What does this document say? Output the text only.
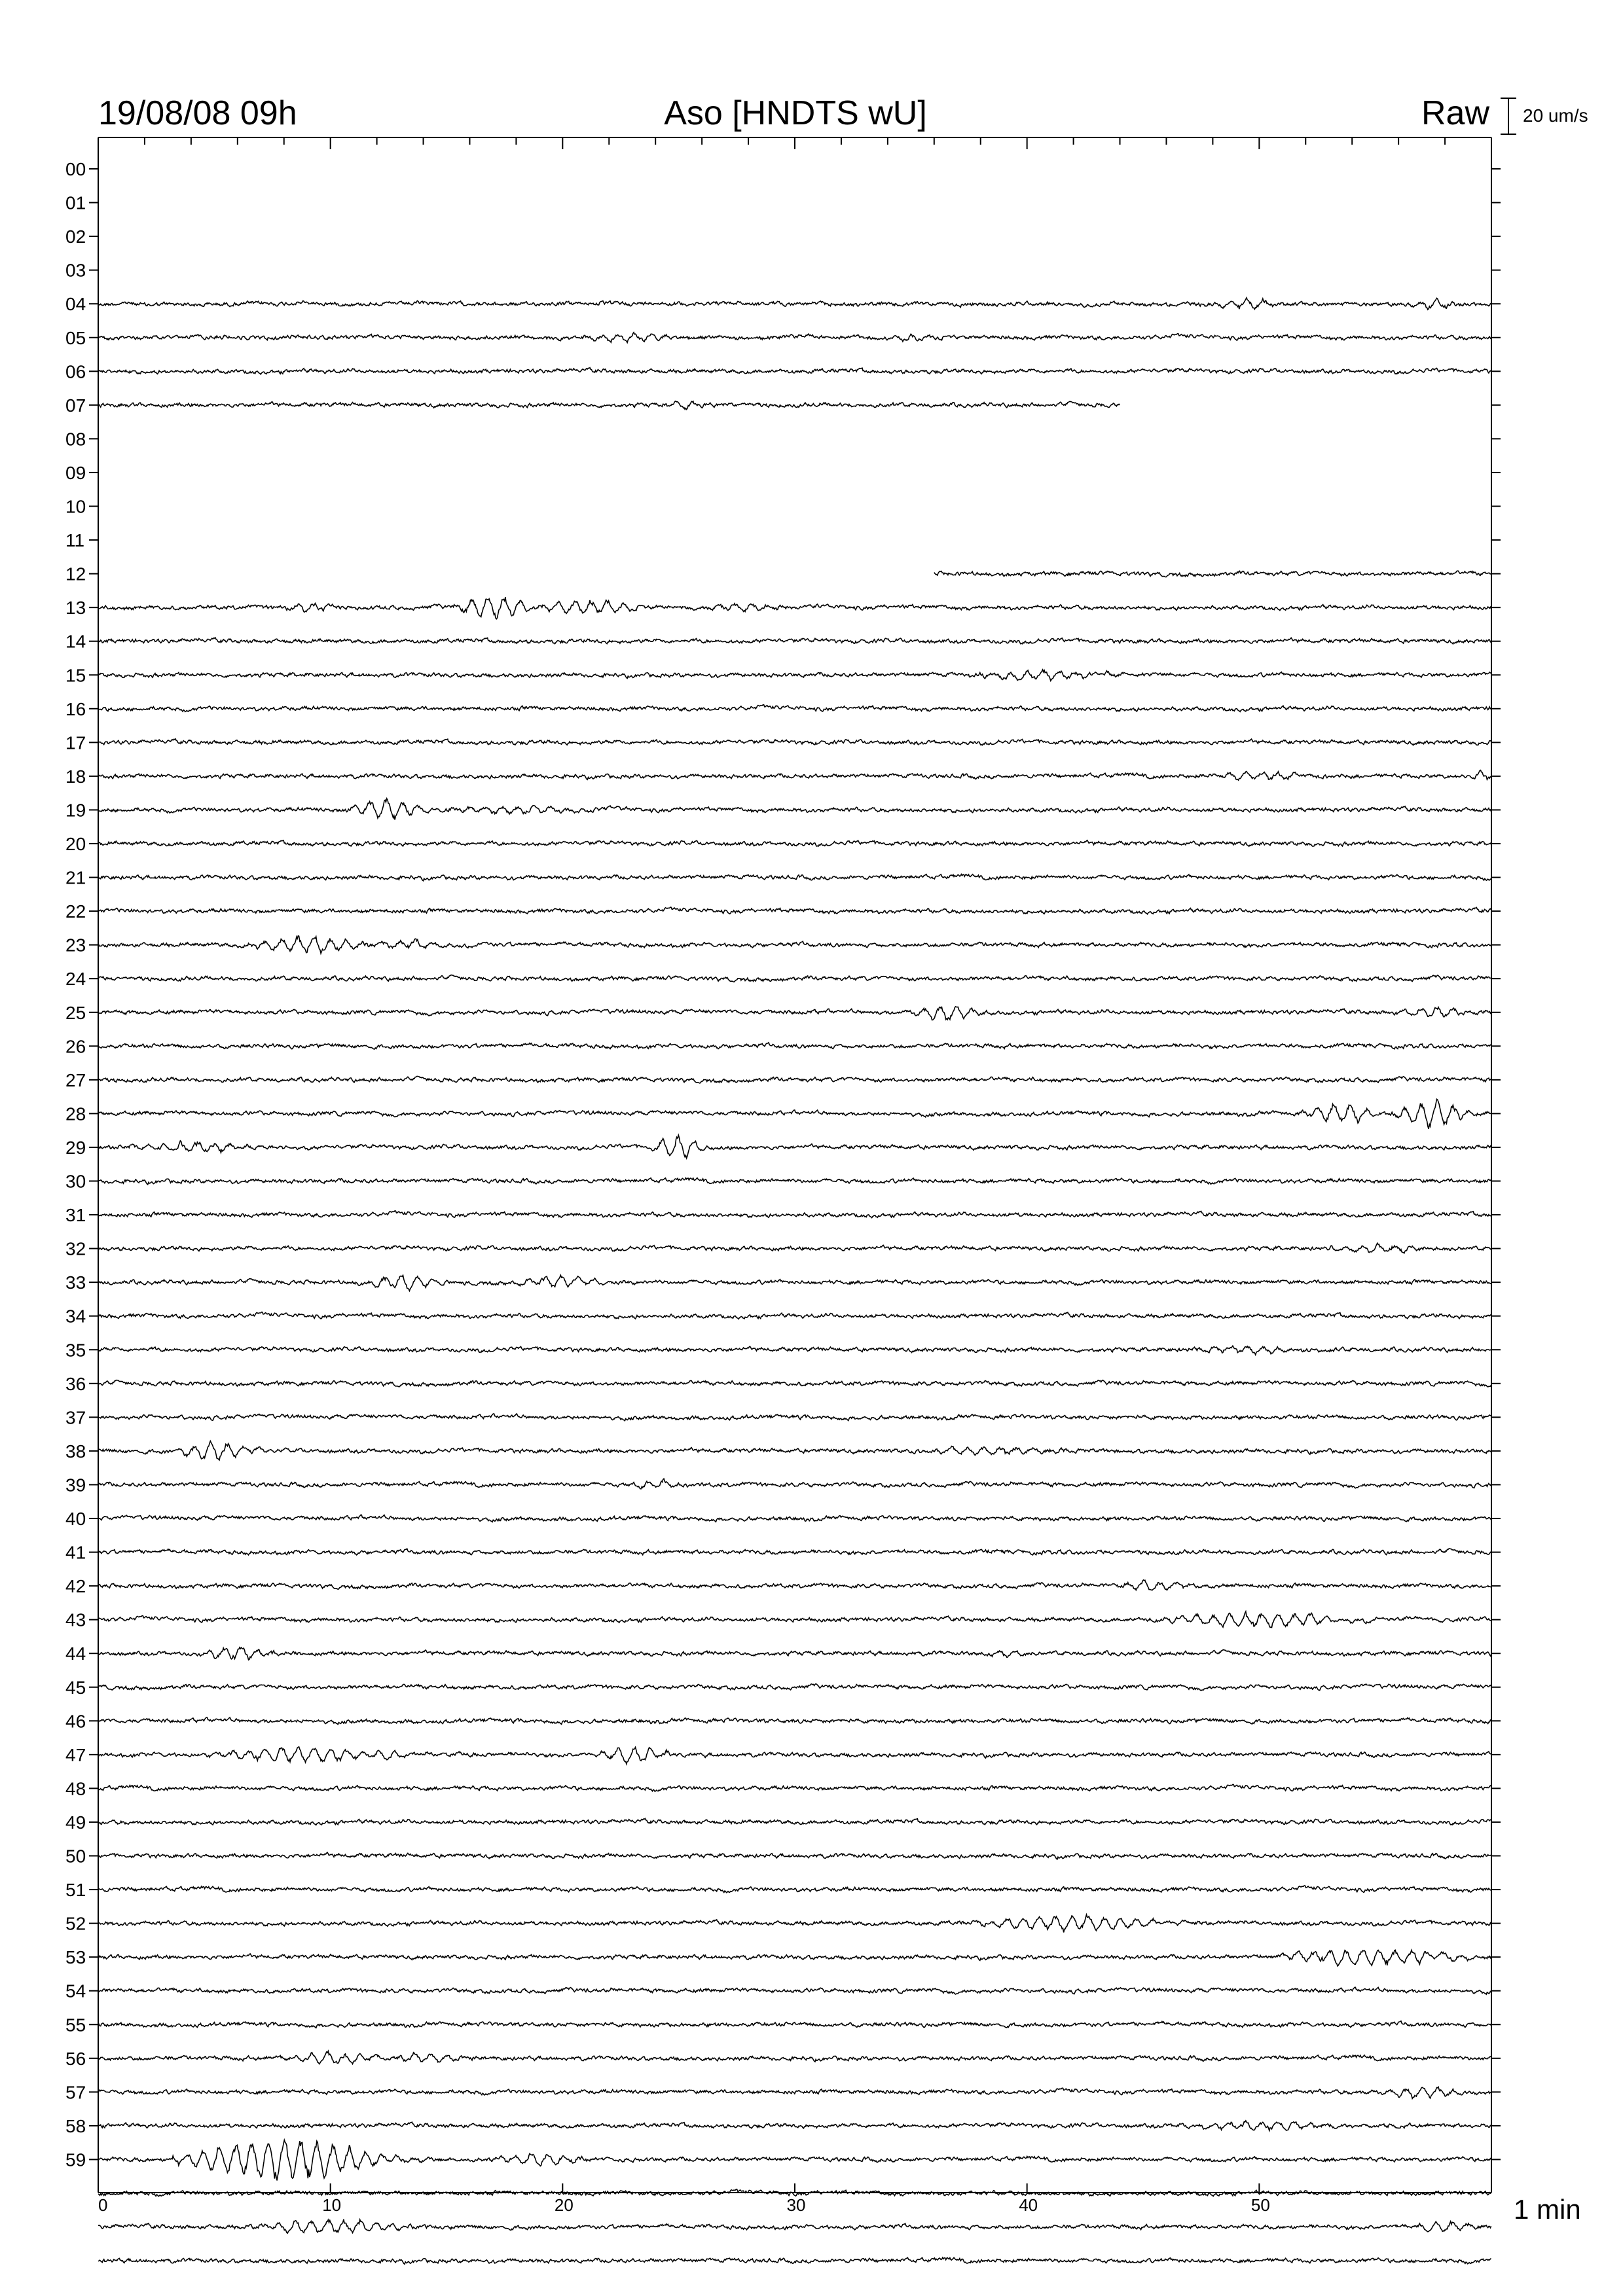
19/08/08 09h	Aso [HNDTS wU]	Raw 20 um/s
00
01
02
03
04
05
06
07
08
09
10
11
12
13
14
15
16
17
18
19
20
21
22
23
24
25
26
27
28
29
30
31
32
33
34
35
36
37
38
39
40
41
42
43
44
45
46
47
48
49
50
51
52
53
54
55
56
57
58
59
0	10	20	30	40	50	1 min
